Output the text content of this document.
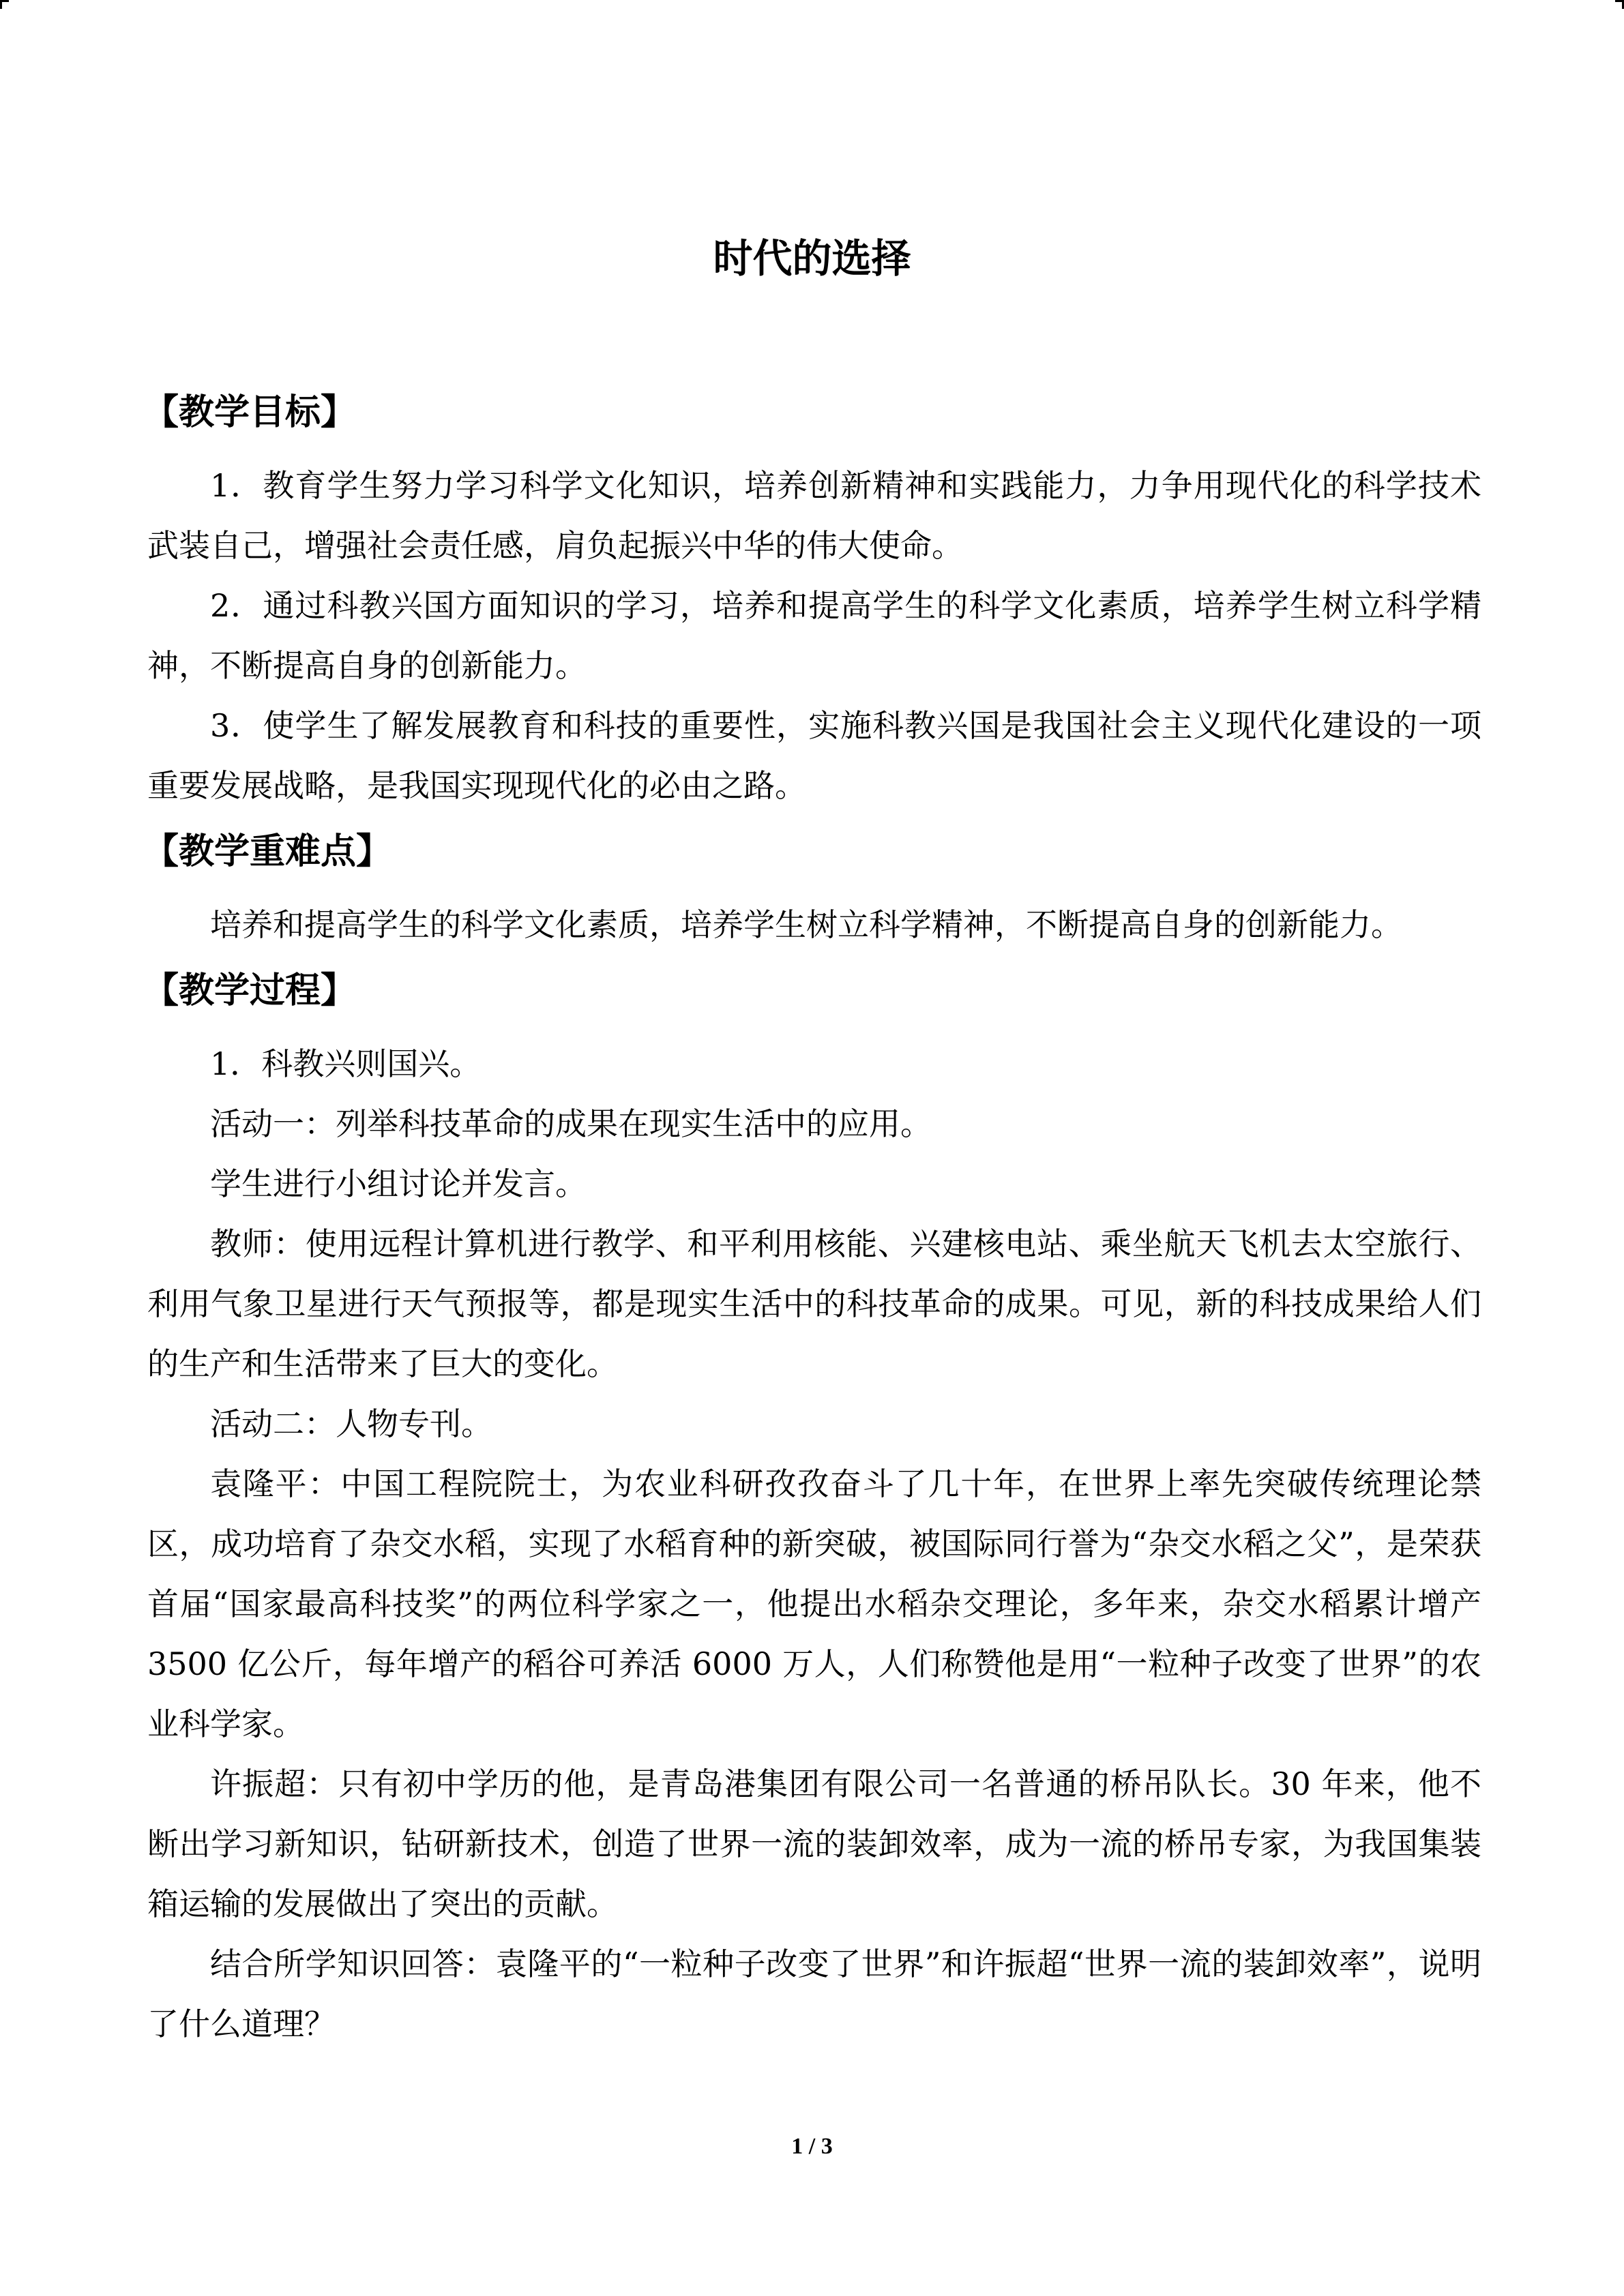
时代的选择
【教学目标】

1．教育学生努力学习科学文化知识，培养创新精神和实践能力，力争用现代化的科学技术武装自己，增强社会责任感，肩负起振兴中华的伟大使命。

2．通过科教兴国方面知识的学习，培养和提高学生的科学文化素质，培养学生树立科学精神，不断提高自身的创新能力。

3．使学生了解发展教育和科技的重要性，实施科教兴国是我国社会主义现代化建设的一项重要发展战略，是我国实现现代化的必由之路。

【教学重难点】

培养和提高学生的科学文化素质，培养学生树立科学精神，不断提高自身的创新能力。

【教学过程】

1．科教兴则国兴。

活动一：列举科技革命的成果在现实生活中的应用。

学生进行小组讨论并发言。

教师：使用远程计算机进行教学、和平利用核能、兴建核电站、乘坐航天飞机去太空旅行、利用气象卫星进行天气预报等，都是现实生活中的科技革命的成果。可见，新的科技成果给人们的生产和生活带来了巨大的变化。

活动二：人物专刊。

袁隆平：中国工程院院士，为农业科研孜孜奋斗了几十年，在世界上率先突破传统理论禁区，成功培育了杂交水稻，实现了水稻育种的新突破，被国际同行誉为“杂交水稻之父”，是荣获首届“国家最高科技奖”的两位科学家之一，他提出水稻杂交理论，多年来，杂交水稻累计增产 3500 亿公斤，每年增产的稻谷可养活 6000 万人，人们称赞他是用“一粒种子改变了世界”的农业科学家。

许振超：只有初中学历的他，是青岛港集团有限公司一名普通的桥吊队长。30 年来，他不断出学习新知识，钻研新技术，创造了世界一流的装卸效率，成为一流的桥吊专家，为我国集装箱运输的发展做出了突出的贡献。

结合所学知识回答：袁隆平的“一粒种子改变了世界”和许振超“世界一流的装卸效率”，说明了什么道理？

1 / 3
